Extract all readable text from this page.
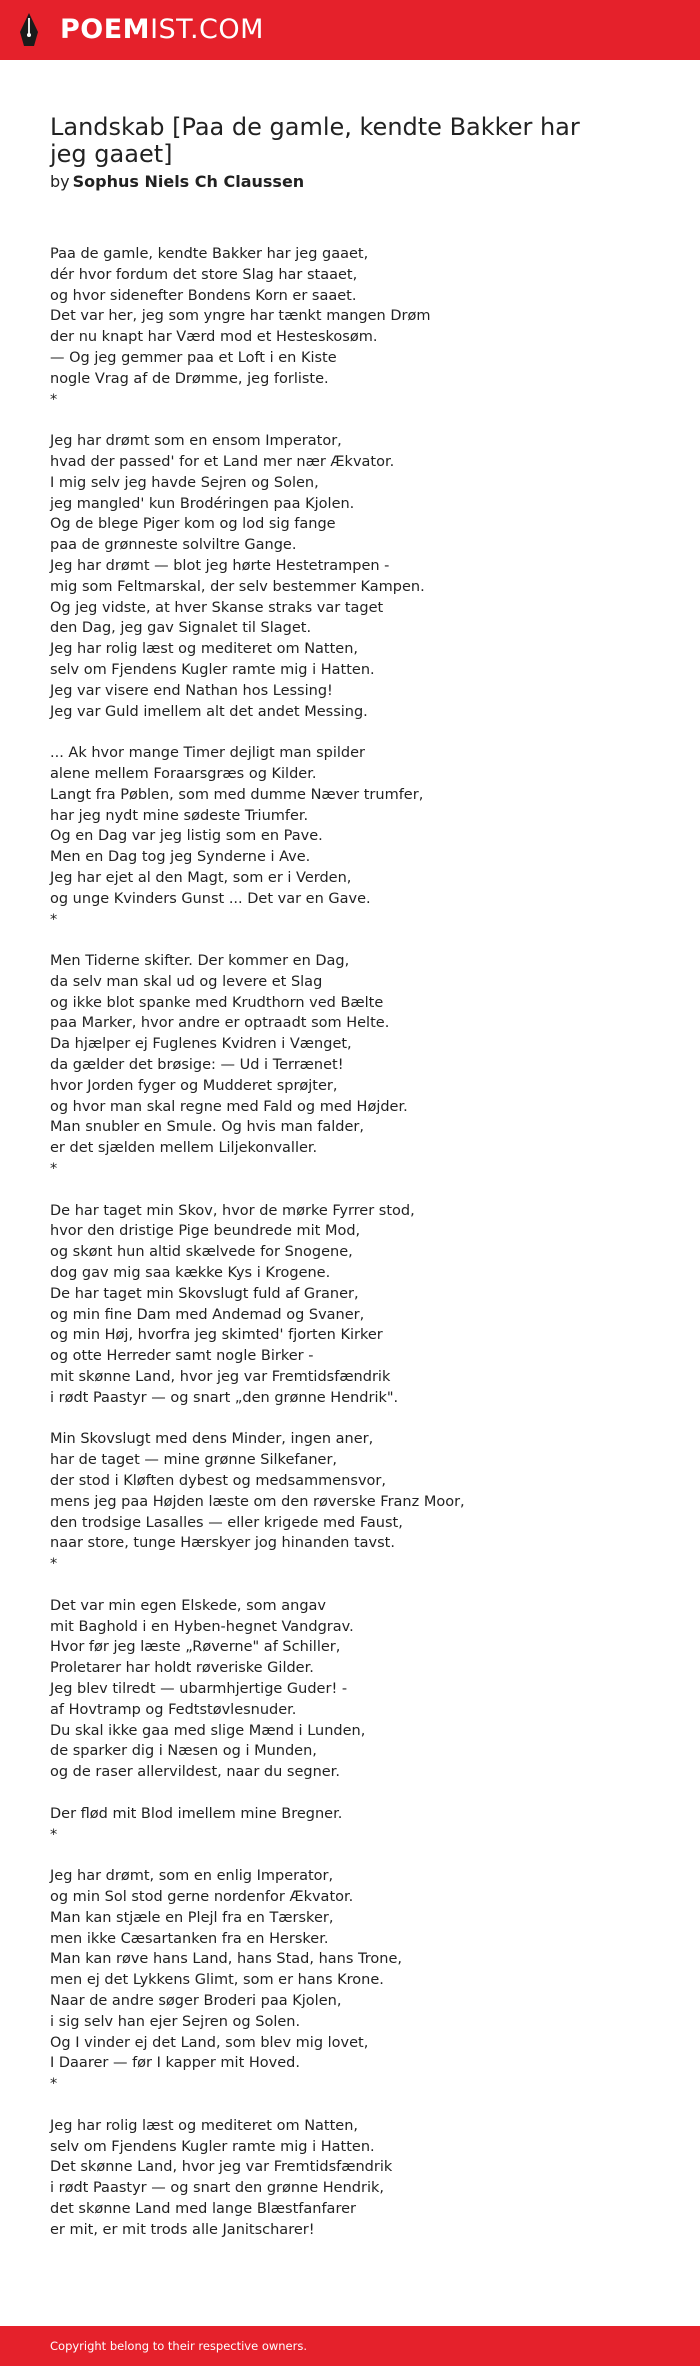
POEMIST.COM
Landskab [Paa de gamle, kendte Bakker har jeg gaaet]

by Sophus Niels Ch Claussen

Paa de gamle, kendte Bakker har jeg gaaet,
dér hvor fordum det store Slag har staaet,
og hvor sidenefter Bondens Korn er saaet.
Det var her, jeg som yngre har tænkt mangen Drøm
der nu knapt har Værd mod et Hesteskosøm.
— Og jeg gemmer paa et Loft i en Kiste
nogle Vrag af de Drømme, jeg forliste.
*
Jeg har drømt som en ensom Imperator,
hvad der passed' for et Land mer nær Ækvator.
I mig selv jeg havde Sejren og Solen,
jeg mangled' kun Brodéringen paa Kjolen.
Og de blege Piger kom og lod sig fange
paa de grønneste solviltre Gange.
Jeg har drømt — blot jeg hørte Hestetrampen -
mig som Feltmarskal, der selv bestemmer Kampen.
Og jeg vidste, at hver Skanse straks var taget
den Dag, jeg gav Signalet til Slaget.
Jeg har rolig læst og mediteret om Natten,
selv om Fjendens Kugler ramte mig i Hatten.
Jeg var visere end Nathan hos Lessing!
Jeg var Guld imellem alt det andet Messing.
... Ak hvor mange Timer dejligt man spilder
alene mellem Foraarsgræs og Kilder.
Langt fra Pøblen, som med dumme Næver trumfer,
har jeg nydt mine sødeste Triumfer.
Og en Dag var jeg listig som en Pave.
Men en Dag tog jeg Synderne i Ave.
Jeg har ejet al den Magt, som er i Verden,
og unge Kvinders Gunst ... Det var en Gave.
*
Men Tiderne skifter. Der kommer en Dag,
da selv man skal ud og levere et Slag
og ikke blot spanke med Krudthorn ved Bælte
paa Marker, hvor andre er optraadt som Helte.
Da hjælper ej Fuglenes Kvidren i Vænget,
da gælder det brøsige: — Ud i Terrænet!
hvor Jorden fyger og Mudderet sprøjter,
og hvor man skal regne med Fald og med Højder.
Man snubler en Smule. Og hvis man falder,
er det sjælden mellem Liljekonvaller.
*
De har taget min Skov, hvor de mørke Fyrrer stod,
hvor den dristige Pige beundrede mit Mod,
og skønt hun altid skælvede for Snogene,
dog gav mig saa kække Kys i Krogene.
De har taget min Skovslugt fuld af Graner,
og min fine Dam med Andemad og Svaner,
og min Høj, hvorfra jeg skimted' fjorten Kirker
og otte Herreder samt nogle Birker -
mit skønne Land, hvor jeg var Fremtidsfændrik
i rødt Paastyr — og snart „den grønne Hendrik".
Min Skovslugt med dens Minder, ingen aner,
har de taget — mine grønne Silkefaner,
der stod i Kløften dybest og medsammensvor,
mens jeg paa Højden læste om den røverske Franz Moor,
den trodsige Lasalles — eller krigede med Faust,
naar store, tunge Hærskyer jog hinanden tavst.
*
Det var min egen Elskede, som angav
mit Baghold i en Hyben-hegnet Vandgrav.
Hvor før jeg læste „Røverne" af Schiller,
Proletarer har holdt røveriske Gilder.
Jeg blev tilredt — ubarmhjertige Guder! -
af Hovtramp og Fedtstøvlesnuder.
Du skal ikke gaa med slige Mænd i Lunden,
de sparker dig i Næsen og i Munden,
og de raser allervildest, naar du segner.
Der flød mit Blod imellem mine Bregner.
*
Jeg har drømt, som en enlig Imperator,
og min Sol stod gerne nordenfor Ækvator.
Man kan stjæle en Plejl fra en Tærsker,
men ikke Cæsartanken fra en Hersker.
Man kan røve hans Land, hans Stad, hans Trone,
men ej det Lykkens Glimt, som er hans Krone.
Naar de andre søger Broderi paa Kjolen,
i sig selv han ejer Sejren og Solen.
Og I vinder ej det Land, som blev mig lovet,
I Daarer — før I kapper mit Hoved.
*
Jeg har rolig læst og mediteret om Natten,
selv om Fjendens Kugler ramte mig i Hatten.
Det skønne Land, hvor jeg var Fremtidsfændrik
i rødt Paastyr — og snart den grønne Hendrik,
det skønne Land med lange Blæstfanfarer
er mit, er mit trods alle Janitscharer!
Copyright belong to their respective owners.
